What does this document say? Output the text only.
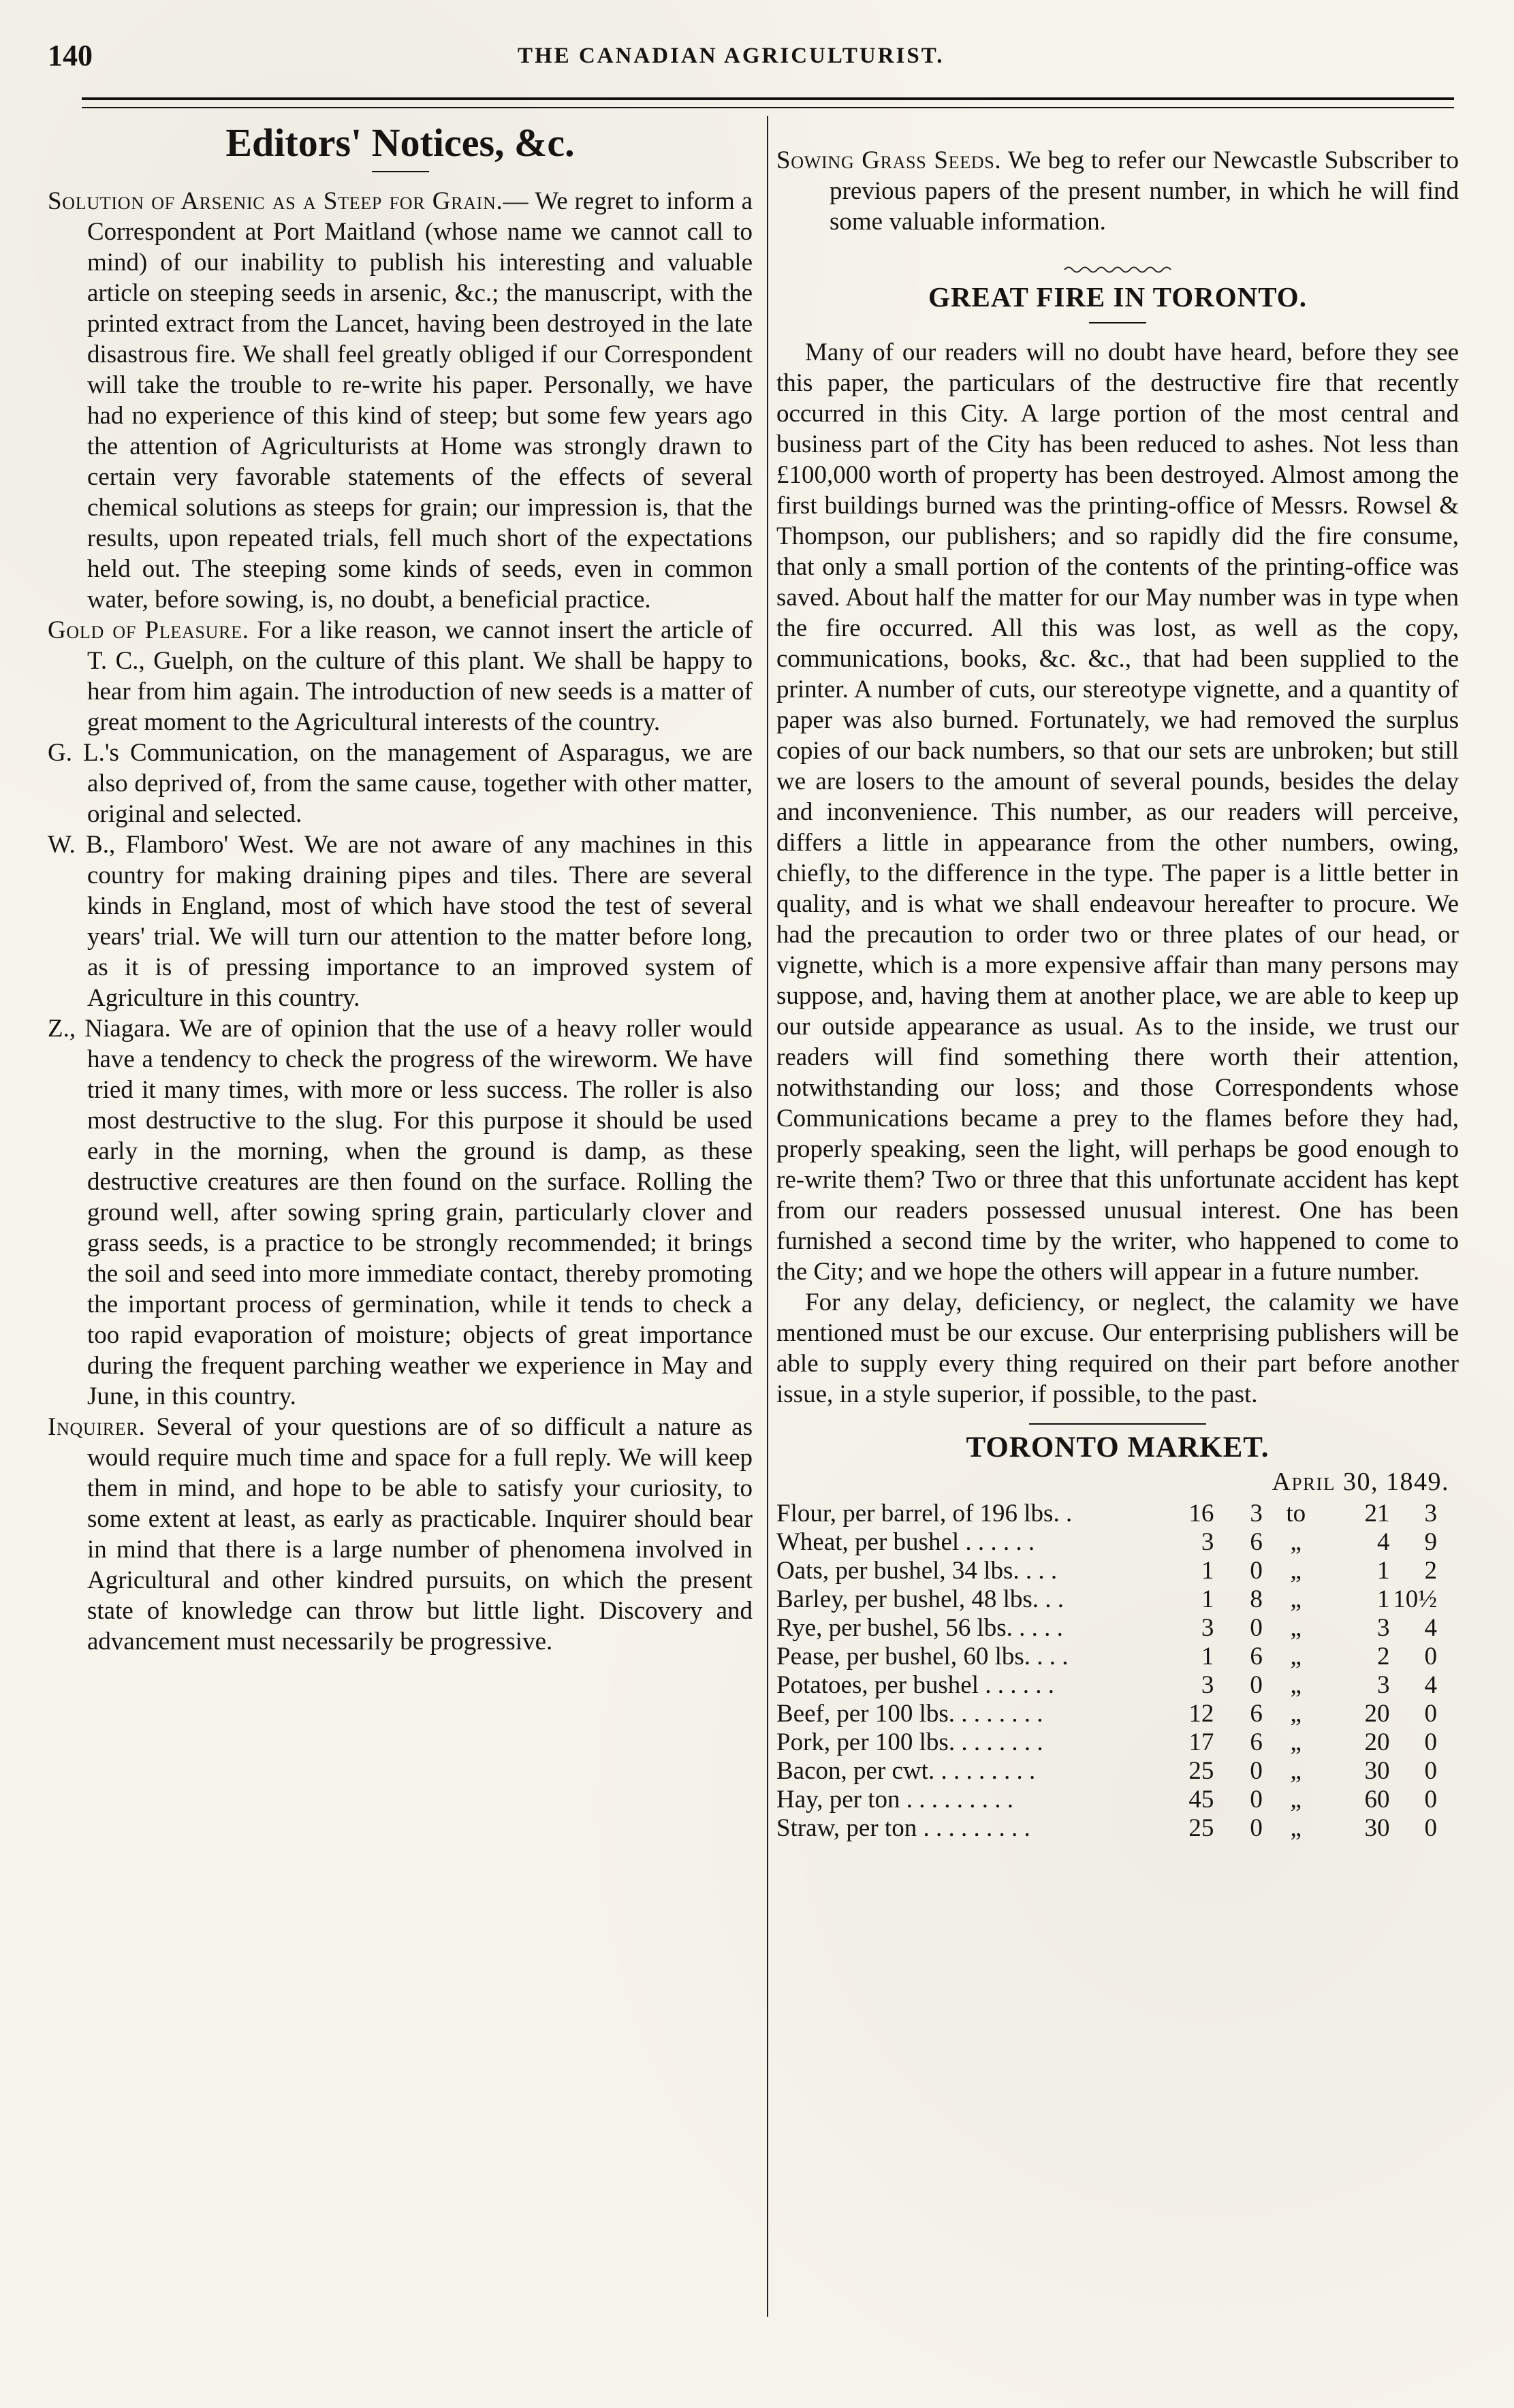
140	THE CANADIAN AGRICULTURIST.
Editors' Notices, &c.

Solution of Arsenic as a Steep for Grain.— We regret to inform a Correspondent at Port Maitland (whose name we cannot call to mind) of our inability to publish his interesting and valuable article on steeping seeds in arsenic, &c.; the manuscript, with the printed extract from the Lancet, having been destroyed in the late disastrous fire. We shall feel greatly obliged if our Correspondent will take the trouble to re-write his paper. Personally, we have had no experience of this kind of steep; but some few years ago the attention of Agriculturists at Home was strongly drawn to certain very favorable statements of the effects of several chemical solutions as steeps for grain; our impression is, that the results, upon repeated trials, fell much short of the expectations held out. The steeping some kinds of seeds, even in common water, before sowing, is, no doubt, a beneficial practice.

Gold of Pleasure. For a like reason, we cannot insert the article of T. C., Guelph, on the culture of this plant. We shall be happy to hear from him again. The introduction of new seeds is a matter of great moment to the Agricultural interests of the country.

G. L.'s Communication, on the management of Asparagus, we are also deprived of, from the same cause, together with other matter, original and selected.

W. B., Flamboro' West. We are not aware of any machines in this country for making draining pipes and tiles. There are several kinds in England, most of which have stood the test of several years' trial. We will turn our attention to the matter before long, as it is of pressing importance to an improved system of Agriculture in this country.

Z., Niagara. We are of opinion that the use of a heavy roller would have a tendency to check the progress of the wireworm. We have tried it many times, with more or less success. The roller is also most destructive to the slug. For this purpose it should be used early in the morning, when the ground is damp, as these destructive creatures are then found on the surface. Rolling the ground well, after sowing spring grain, particularly clover and grass seeds, is a practice to be strongly recommended; it brings the soil and seed into more immediate contact, thereby promoting the important process of germination, while it tends to check a too rapid evaporation of moisture; objects of great importance during the frequent parching weather we experience in May and June, in this country.

Inquirer. Several of your questions are of so difficult a nature as would require much time and space for a full reply. We will keep them in mind, and hope to be able to satisfy your curiosity, to some extent at least, as early as practicable. Inquirer should bear in mind that there is a large number of phenomena involved in Agricultural and other kindred pursuits, on which the present state of knowledge can throw but little light. Discovery and advancement must necessarily be progressive.

Sowing Grass Seeds. We beg to refer our Newcastle Subscriber to previous papers of the present number, in which he will find some valuable information.

GREAT FIRE IN TORONTO.

Many of our readers will no doubt have heard, before they see this paper, the particulars of the destructive fire that recently occurred in this City. A large portion of the most central and business part of the City has been reduced to ashes. Not less than £100,000 worth of property has been destroyed. Almost among the first buildings burned was the printing-office of Messrs. Rowsel & Thompson, our publishers; and so rapidly did the fire consume, that only a small portion of the contents of the printing-office was saved. About half the matter for our May number was in type when the fire occurred. All this was lost, as well as the copy, communications, books, &c. &c., that had been supplied to the printer. A number of cuts, our stereotype vignette, and a quantity of paper was also burned. Fortunately, we had removed the surplus copies of our back numbers, so that our sets are unbroken; but still we are losers to the amount of several pounds, besides the delay and inconvenience. This number, as our readers will perceive, differs a little in appearance from the other numbers, owing, chiefly, to the difference in the type. The paper is a little better in quality, and is what we shall endeavour hereafter to procure. We had the precaution to order two or three plates of our head, or vignette, which is a more expensive affair than many persons may suppose, and, having them at another place, we are able to keep up our outside appearance as usual. As to the inside, we trust our readers will find something there worth their attention, notwithstanding our loss; and those Correspondents whose Communications became a prey to the flames before they had, properly speaking, seen the light, will perhaps be good enough to re-write them? Two or three that this unfortunate accident has kept from our readers possessed unusual interest. One has been furnished a second time by the writer, who happened to come to the City; and we hope the others will appear in a future number.

For any delay, deficiency, or neglect, the calamity we have mentioned must be our excuse. Our enterprising publishers will be able to supply every thing required on their part before another issue, in a style superior, if possible, to the past.

TORONTO MARKET.
April 30, 1849.
Flour, per barrel, of 196 lbs. .	16	3	to	21	3
Wheat, per bushel . . . . . .	3	6	„	4	9
Oats, per bushel, 34 lbs. . . .	1	0	„	1	2
Barley, per bushel, 48 lbs. . .	1	8	„	1	10½
Rye, per bushel, 56 lbs. . . . .	3	0	„	3	4
Pease, per bushel, 60 lbs. . . .	1	6	„	2	0
Potatoes, per bushel . . . . . .	3	0	„	3	4
Beef, per 100 lbs. . . . . . . .	12	6	„	20	0
Pork, per 100 lbs. . . . . . . .	17	6	„	20	0
Bacon, per cwt. . . . . . . . .	25	0	„	30	0
Hay, per ton . . . . . . . . .	45	0	„	60	0
Straw, per ton . . . . . . . . .	25	0	„	30	0
